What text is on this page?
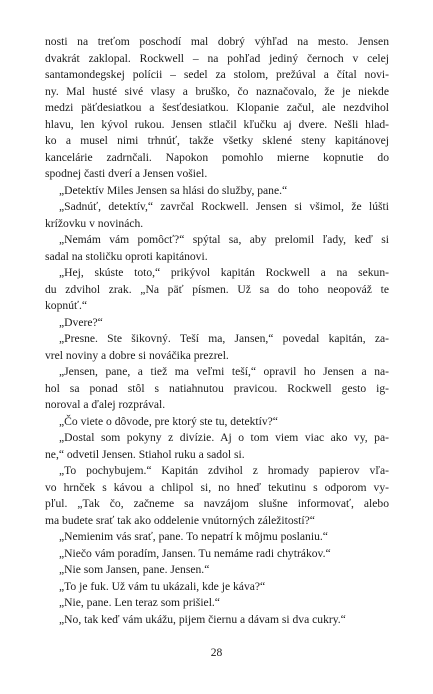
nosti na treťom poschodí mal dobrý výhľad na mesto. Jensen
dvakrát zaklopal. Rockwell – na pohľad jediný černoch v celej
santamondegskej polícii – sedel za stolom, prežúval a čítal novi-
ny. Mal husté sivé vlasy a bruško, čo naznačovalo, že je niekde
medzi päťdesiatkou a šesťdesiatkou. Klopanie začul, ale nezdvihol
hlavu, len kývol rukou. Jensen stlačil kľučku aj dvere. Nešli hlad-
ko a musel nimi trhnúť, takže všetky sklené steny kapitánovej
kancelárie zadrnčali. Napokon pomohlo mierne kopnutie do
spodnej časti dverí a Jensen vošiel.
„Detektív Miles Jensen sa hlási do služby, pane.“
„Sadnúť, detektív,“ zavrčal Rockwell. Jensen si všimol, že lúšti
krížovku v novinách.
„Nemám vám pomôcť?“ spýtal sa, aby prelomil ľady, keď si
sadal na stoličku oproti kapitánovi.
„Hej, skúste toto,“ prikývol kapitán Rockwell a na sekun-
du zdvihol zrak. „Na päť písmen. Už sa do toho neopováž te
kopnúť.“
„Dvere?“
„Presne. Ste šikovný. Teší ma, Jansen,“ povedal kapitán, za-
vrel noviny a dobre si nováčika prezrel.
„Jensen, pane, a tiež ma veľmi teší,“ opravil ho Jensen a na-
hol sa ponad stôl s natiahnutou pravicou. Rockwell gesto ig-
noroval a ďalej rozprával.
„Čo viete o dôvode, pre ktorý ste tu, detektív?“
„Dostal som pokyny z divízie. Aj o tom viem viac ako vy, pa-
ne,“ odvetil Jensen. Stiahol ruku a sadol si.
„To pochybujem.“ Kapitán zdvihol z hromady papierov vľa-
vo hrnček s kávou a chlipol si, no hneď tekutinu s odporom vy-
pľul. „Tak čo, začneme sa navzájom slušne informovať, alebo
ma budete srať tak ako oddelenie vnútorných záležitostí?“
„Nemienim vás srať, pane. To nepatrí k môjmu poslaniu.“
„Niečo vám poradím, Jansen. Tu nemáme radi chytrákov.“
„Nie som Jansen, pane. Jensen.“
„To je fuk. Už vám tu ukázali, kde je káva?“
„Nie, pane. Len teraz som prišiel.“
„No, tak keď vám ukážu, pijem čiernu a dávam si dva cukry.“
28
